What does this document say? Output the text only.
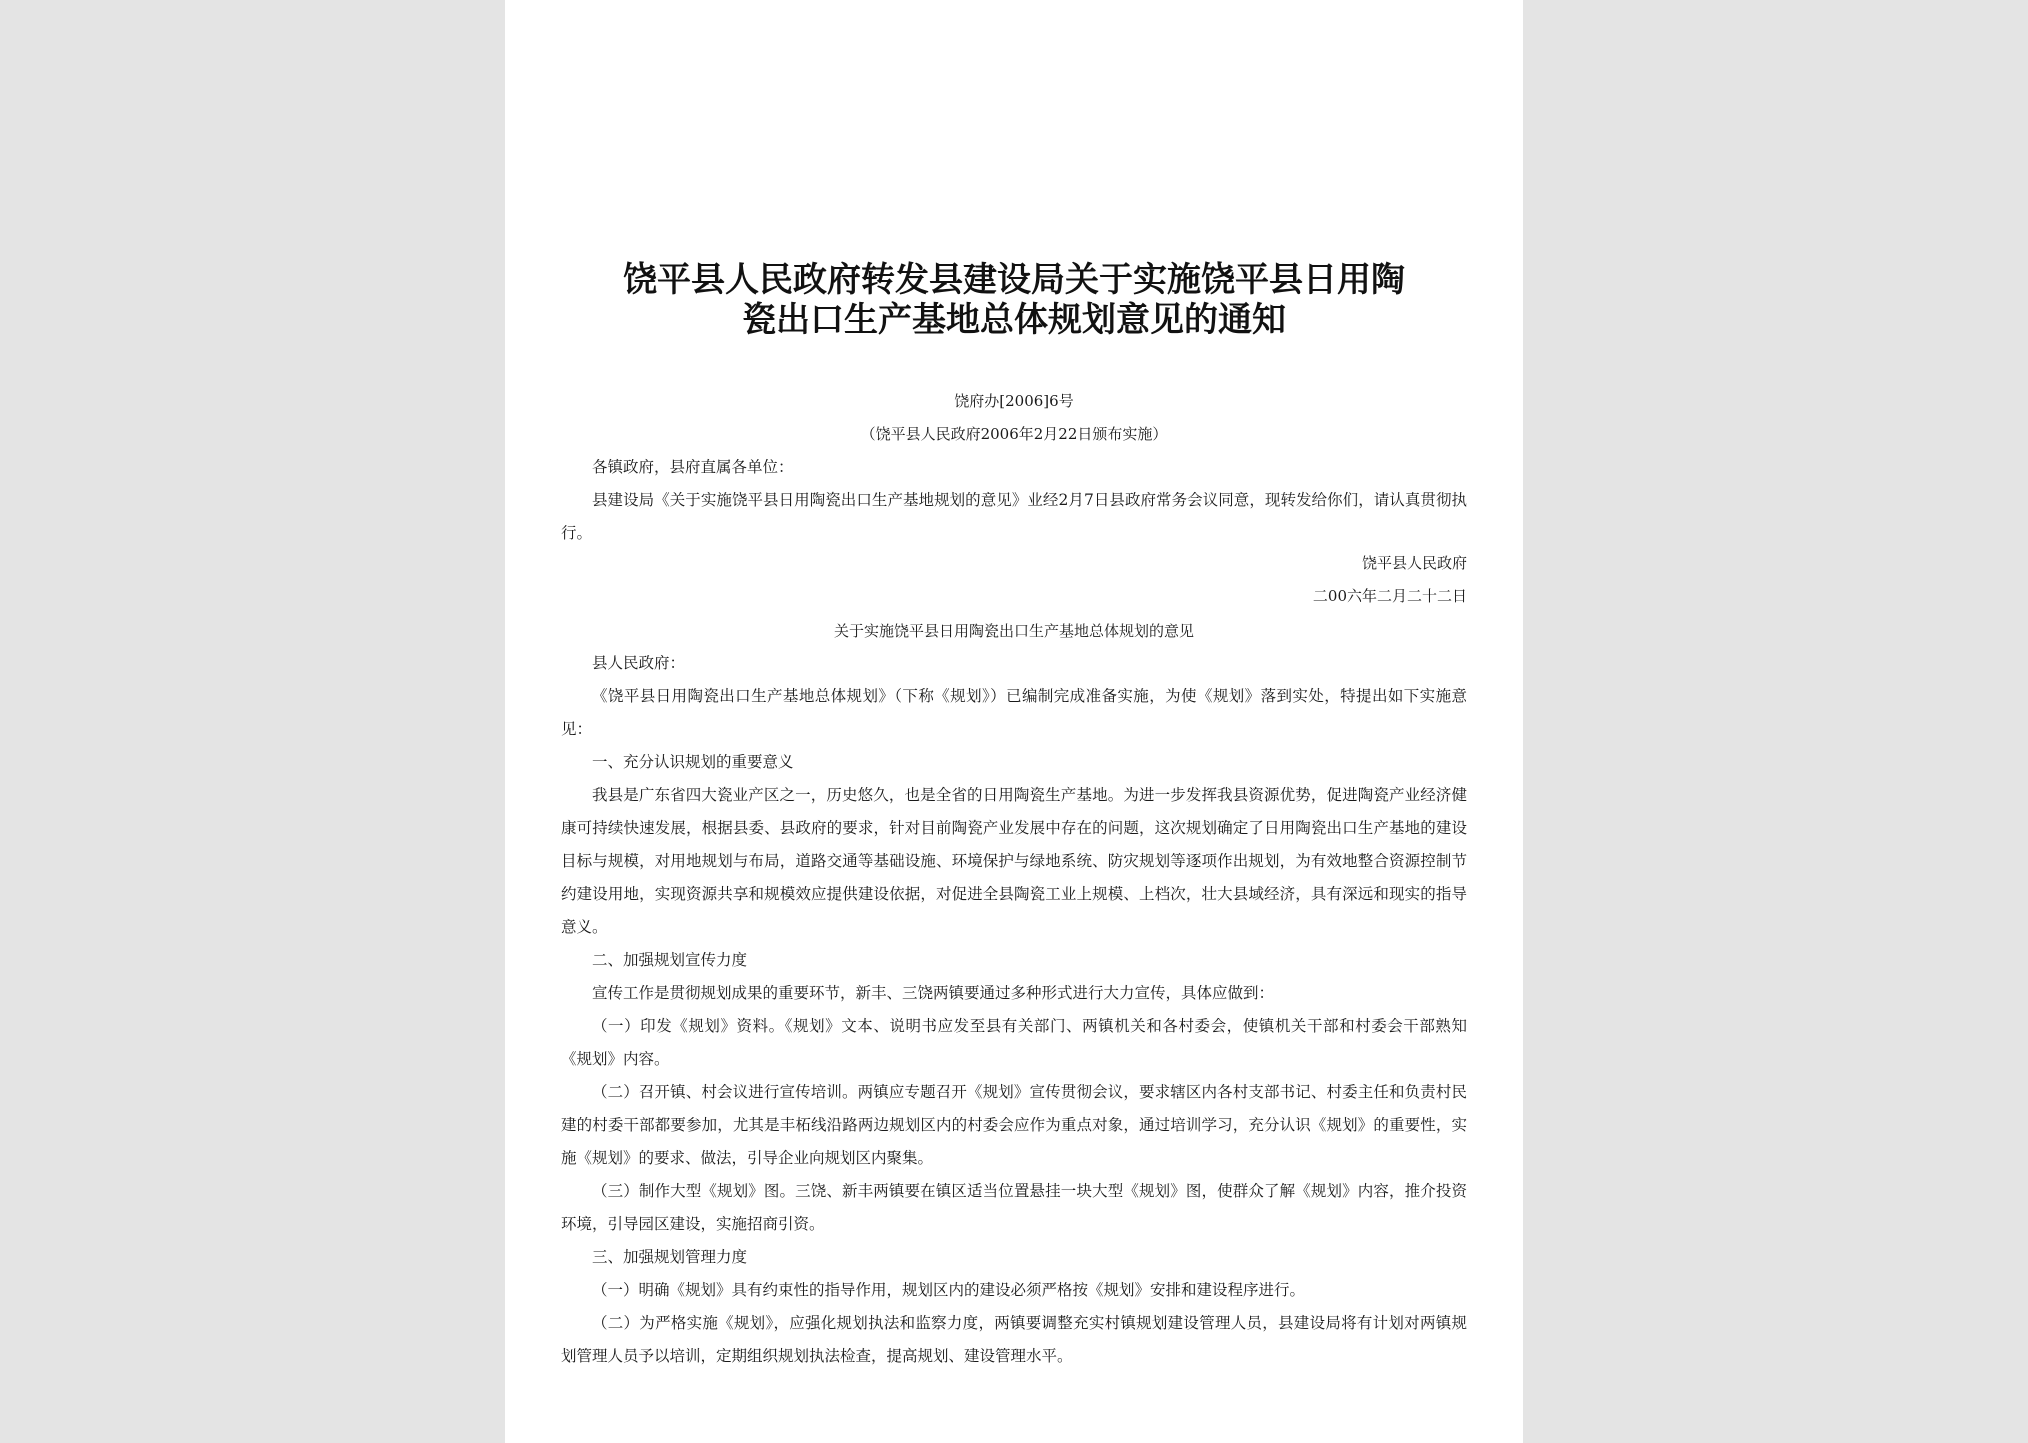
饶平县人民政府转发县建设局关于实施饶平县日用陶
瓷出口生产基地总体规划意见的通知
饶府办[2006]6号
（饶平县人民政府2006年2月22日颁布实施）

各镇政府，县府直属各单位：

县建设局《关于实施饶平县日用陶瓷出口生产基地规划的意见》业经2月7日县政府常务会议同意，现转发给你们，请认真贯彻执行。

饶平县人民政府
二00六年二月二十二日
关于实施饶平县日用陶瓷出口生产基地总体规划的意见

县人民政府：

《饶平县日用陶瓷出口生产基地总体规划》（下称《规划》）已编制完成准备实施，为使《规划》落到实处，特提出如下实施意见：

一、充分认识规划的重要意义

我县是广东省四大瓷业产区之一，历史悠久，也是全省的日用陶瓷生产基地。为进一步发挥我县资源优势，促进陶瓷产业经济健康可持续快速发展，根据县委、县政府的要求，针对目前陶瓷产业发展中存在的问题，这次规划确定了日用陶瓷出口生产基地的建设目标与规模，对用地规划与布局，道路交通等基础设施、环境保护与绿地系统、防灾规划等逐项作出规划，为有效地整合资源控制节约建设用地，实现资源共享和规模效应提供建设依据，对促进全县陶瓷工业上规模、上档次，壮大县域经济，具有深远和现实的指导意义。

二、加强规划宣传力度

宣传工作是贯彻规划成果的重要环节，新丰、三饶两镇要通过多种形式进行大力宣传，具体应做到：

（一）印发《规划》资料。《规划》文本、说明书应发至县有关部门、两镇机关和各村委会，使镇机关干部和村委会干部熟知《规划》内容。

（二）召开镇、村会议进行宣传培训。两镇应专题召开《规划》宣传贯彻会议，要求辖区内各村支部书记、村委主任和负责村民建的村委干部都要参加，尤其是丰柘线沿路两边规划区内的村委会应作为重点对象，通过培训学习，充分认识《规划》的重要性，实施《规划》的要求、做法，引导企业向规划区内聚集。

（三）制作大型《规划》图。三饶、新丰两镇要在镇区适当位置悬挂一块大型《规划》图，使群众了解《规划》内容，推介投资环境，引导园区建设，实施招商引资。

三、加强规划管理力度

（一）明确《规划》具有约束性的指导作用，规划区内的建设必须严格按《规划》安排和建设程序进行。

（二）为严格实施《规划》，应强化规划执法和监察力度，两镇要调整充实村镇规划建设管理人员，县建设局将有计划对两镇规划管理人员予以培训，定期组织规划执法检查，提高规划、建设管理水平。
